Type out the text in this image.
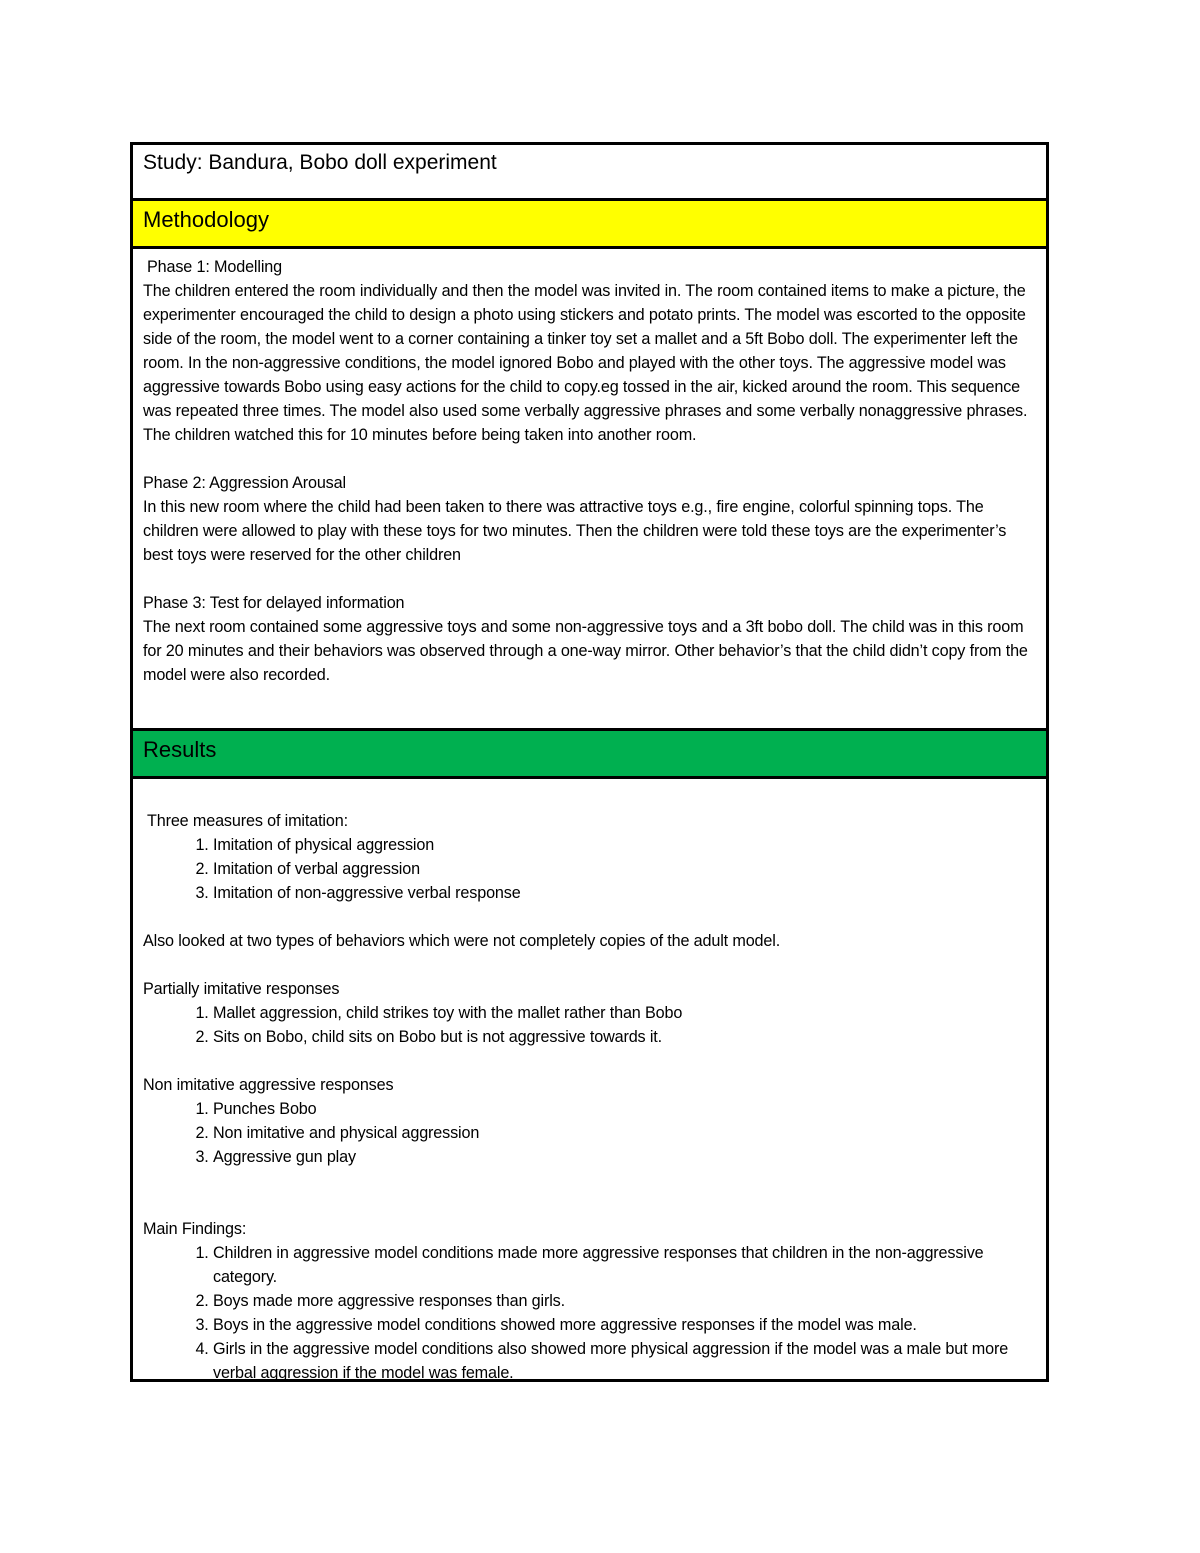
Study: Bandura, Bobo doll experiment
Methodology

Phase 1: Modelling

The children entered the room individually and then the model was invited in. The room contained items to make a picture, the experimenter encouraged the child to design a photo using stickers and potato prints. The model was escorted to the opposite side of the room, the model went to a corner containing a tinker toy set a mallet and a 5ft Bobo doll. The experimenter left the room. In the non-aggressive conditions, the model ignored Bobo and played with the other toys. The aggressive model was aggressive towards Bobo using easy actions for the child to copy.eg tossed in the air, kicked around the room. This sequence was repeated three times. The model also used some verbally aggressive phrases and some verbally nonaggressive phrases. The children watched this for 10 minutes before being taken into another room.

Phase 2: Aggression Arousal

In this new room where the child had been taken to there was attractive toys e.g., fire engine, colorful spinning tops. The children were allowed to play with these toys for two minutes. Then the children were told these toys are the experimenter’s best toys were reserved for the other children

Phase 3: Test for delayed information

The next room contained some aggressive toys and some non-aggressive toys and a 3ft bobo doll. The child was in this room for 20 minutes and their behaviors was observed through a one-way mirror. Other behavior’s that the child didn’t copy from the model were also recorded.

Results

Three measures of imitation:

1. Imitation of physical aggression
2. Imitation of verbal aggression
3. Imitation of non-aggressive verbal response

Also looked at two types of behaviors which were not completely copies of the adult model.

Partially imitative responses

1. Mallet aggression, child strikes toy with the mallet rather than Bobo
2. Sits on Bobo, child sits on Bobo but is not aggressive towards it.

Non imitative aggressive responses

1. Punches Bobo
2. Non imitative and physical aggression
3. Aggressive gun play

Main Findings:

1. Children in aggressive model conditions made more aggressive responses that children in the non-aggressive category.
2. Boys made more aggressive responses than girls.
3. Boys in the aggressive model conditions showed more aggressive responses if the model was male.
4. Girls in the aggressive model conditions also showed more physical aggression if the model was a male but more verbal aggression if the model was female.
